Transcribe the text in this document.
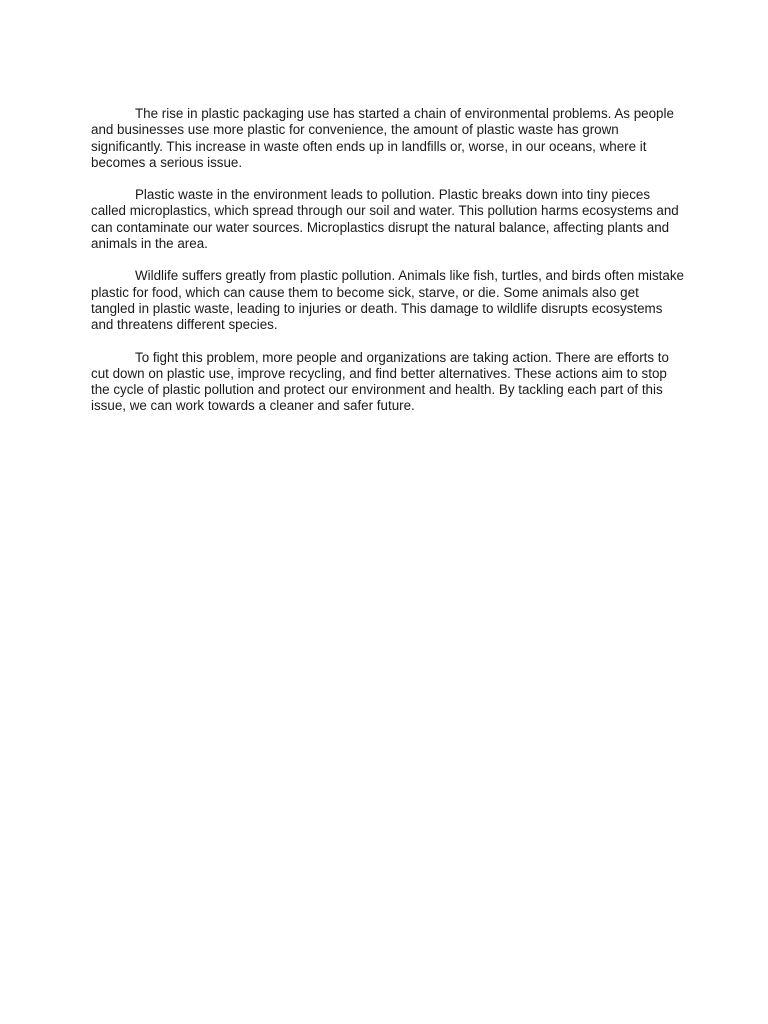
The rise in plastic packaging use has started a chain of environmental problems. As people and businesses use more plastic for convenience, the amount of plastic waste has grown significantly. This increase in waste often ends up in landfills or, worse, in our oceans, where it becomes a serious issue.

Plastic waste in the environment leads to pollution. Plastic breaks down into tiny pieces called microplastics, which spread through our soil and water. This pollution harms ecosystems and can contaminate our water sources. Microplastics disrupt the natural balance, affecting plants and animals in the area.

Wildlife suffers greatly from plastic pollution. Animals like fish, turtles, and birds often mistake plastic for food, which can cause them to become sick, starve, or die. Some animals also get tangled in plastic waste, leading to injuries or death. This damage to wildlife disrupts ecosystems and threatens different species.

To fight this problem, more people and organizations are taking action. There are efforts to cut down on plastic use, improve recycling, and find better alternatives. These actions aim to stop the cycle of plastic pollution and protect our environment and health. By tackling each part of this issue, we can work towards a cleaner and safer future.
